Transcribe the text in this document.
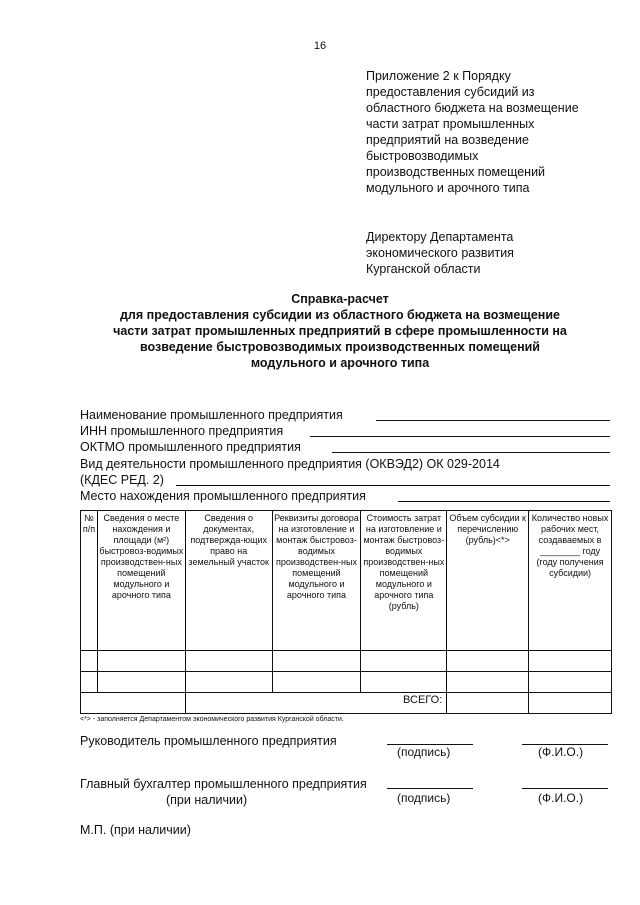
16
Приложение 2 к Порядку
предоставления субсидий из
областного бюджета на возмещение
части затрат промышленных
предприятий на возведение
быстровозводимых
производственных помещений
модульного и арочного типа
Директору Департамента
экономического развития
Курганской области
Справка-расчет
для предоставления субсидии из областного бюджета на возмещение
части затрат промышленных предприятий в сфере промышленности на
возведение быстровозводимых производственных помещений
модульного и арочного типа
Наименование промышленного предприятия
ИНН промышленного предприятия
ОКТМО промышленного предприятия
Вид деятельности промышленного предприятия (ОКВЭД2) ОК 029-2014
(КДЕС РЕД. 2)
Место нахождения промышленного предприятия
№ п/п	Сведения о месте нахождения и площади (м²) быстровоз-водимых производствен-ных помещений модульного и арочного типа	Сведения о документах, подтвержда-ющих право на земельный участок	Реквизиты договора на изготовление и монтаж быстровоз-водимых производствен-ных помещений модульного и арочного типа	Стоимость затрат на изготовление и монтаж быстровоз-водимых производствен-ных помещений модульного и арочного типа (рубль)	Объем субсидии к перечислению (рубль)<*>	Количество новых рабочих мест, создаваемых в ________ году (году получения субсидии)

		ВСЕГО:				
<*> - заполняется Департаментом экономического развития Курганской области.
Руководитель промышленного предприятия
(подпись)	(Ф.И.О.)
Главный бухгалтер промышленного предприятия
(при наличии)	(подпись)	(Ф.И.О.)
М.П. (при наличии)
